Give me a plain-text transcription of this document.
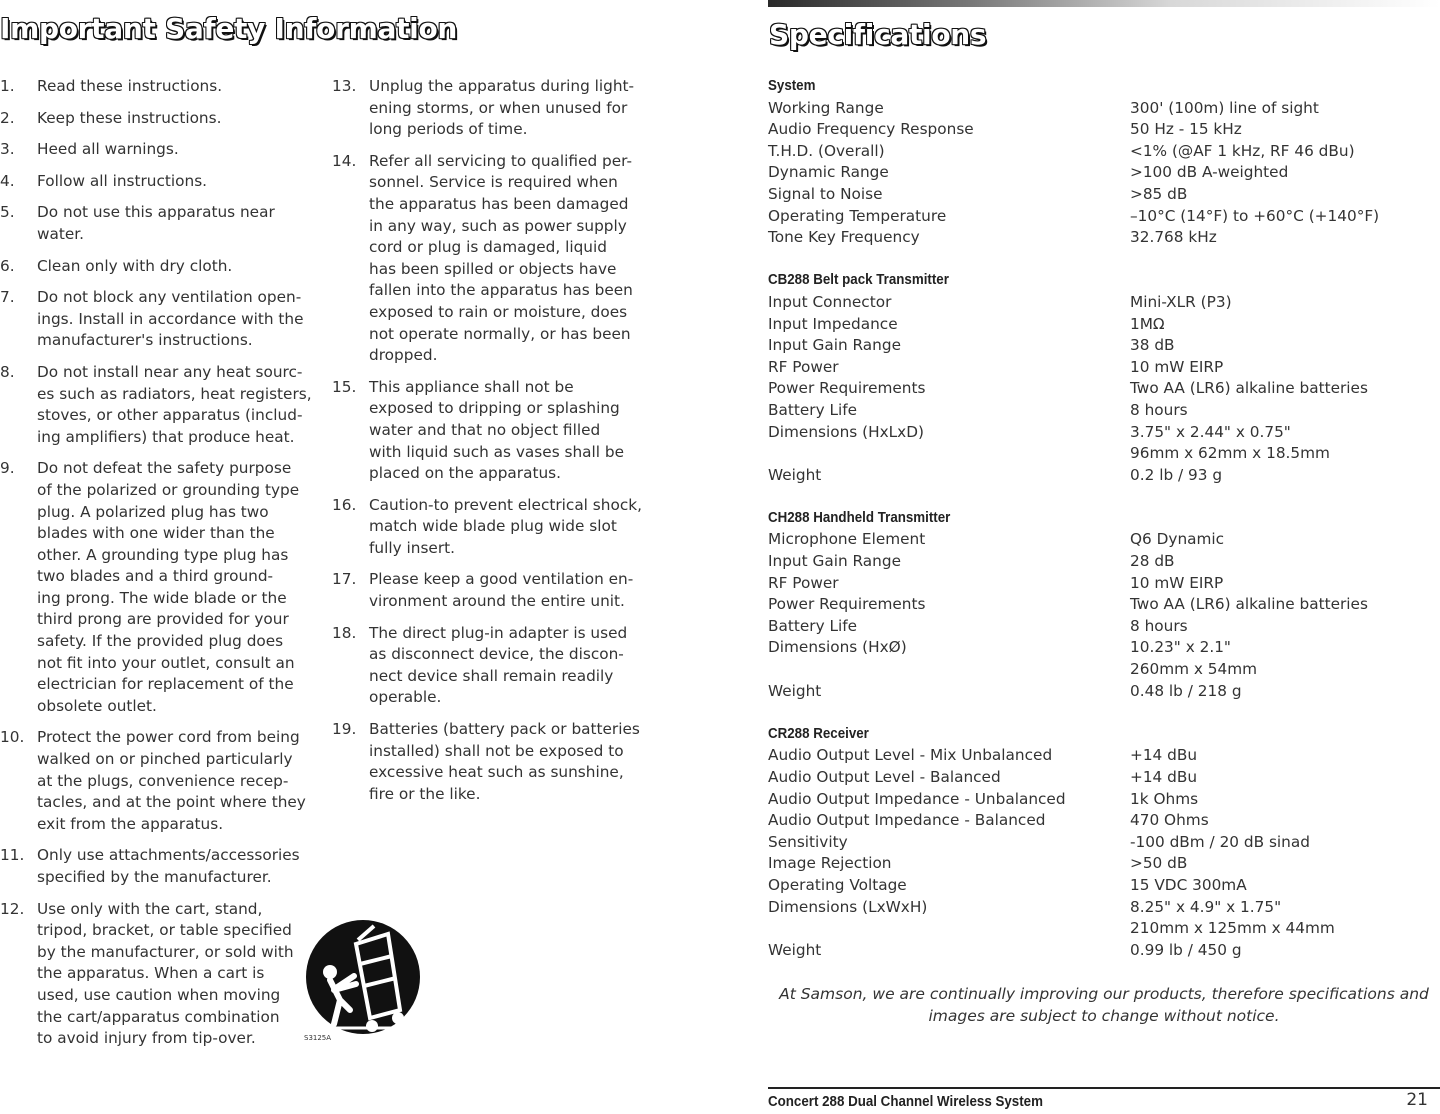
Important Safety Information
1. Read these instructions.
2. Keep these instructions.
3. Heed all warnings.
4. Follow all instructions.
5. Do not use this apparatus near
water.
6. Clean only with dry cloth.
7. Do not block any ventilation open-
ings. Install in accordance with the
manufacturer's instructions.
8. Do not install near any heat sourc-
es such as radiators, heat registers,
stoves, or other apparatus (includ-
ing amplifiers) that produce heat.
9. Do not defeat the safety purpose
of the polarized or grounding type
plug. A polarized plug has two
blades with one wider than the
other. A grounding type plug has
two blades and a third ground-
ing prong. The wide blade or the
third prong are provided for your
safety. If the provided plug does
not fit into your outlet, consult an
electrician for replacement of the
obsolete outlet.
10. Protect the power cord from being
walked on or pinched particularly
at the plugs, convenience recep-
tacles, and at the point where they
exit from the apparatus.
11. Only use attachments/accessories
specified by the manufacturer.
12. Use only with the cart, stand,
tripod, bracket, or table specified
by the manufacturer, or sold with
the apparatus. When a cart is
used, use caution when moving
the cart/apparatus combination
to avoid injury from tip-over.
13. Unplug the apparatus during light-
ening storms, or when unused for
long periods of time.
14. Refer all servicing to qualified per-
sonnel. Service is required when
the apparatus has been damaged
in any way, such as power supply
cord or plug is damaged, liquid
has been spilled or objects have
fallen into the apparatus has been
exposed to rain or moisture, does
not operate normally, or has been
dropped.
15. This appliance shall not be
exposed to dripping or splashing
water and that no object filled
with liquid such as vases shall be
placed on the apparatus.
16. Caution-to prevent electrical shock,
match wide blade plug wide slot
fully insert.
17. Please keep a good ventilation en-
vironment around the entire unit.
18. The direct plug-in adapter is used
as disconnect device, the discon-
nect device shall remain readily
operable.
19. Batteries (battery pack or batteries
installed) shall not be exposed to
excessive heat such as sunshine,
fire or the like.
S3125A
Specifications
System
Working Range	300' (100m) line of sight
Audio Frequency Response	50 Hz - 15 kHz
T.H.D. (Overall)	<1% (@AF 1 kHz, RF 46 dBu)
Dynamic Range	>100 dB A-weighted
Signal to Noise	>85 dB
Operating Temperature	–10°C (14°F) to +60°C (+140°F)
Tone Key Frequency	32.768 kHz
CB288 Belt pack Transmitter
Input Connector	Mini-XLR (P3)
Input Impedance	1MΩ
Input Gain Range	38 dB
RF Power	10 mW EIRP
Power Requirements	Two AA (LR6) alkaline batteries
Battery Life	8 hours
Dimensions (HxLxD)	3.75" x 2.44" x 0.75"
96mm x 62mm x 18.5mm
Weight	0.2 lb / 93 g
CH288 Handheld Transmitter
Microphone Element	Q6 Dynamic
Input Gain Range	28 dB
RF Power	10 mW EIRP
Power Requirements	Two AA (LR6) alkaline batteries
Battery Life	8 hours
Dimensions (HxØ)	10.23" x 2.1"
260mm x 54mm
Weight	0.48 lb / 218 g
CR288 Receiver
Audio Output Level - Mix Unbalanced	+14 dBu
Audio Output Level - Balanced	+14 dBu
Audio Output Impedance - Unbalanced	1k Ohms
Audio Output Impedance - Balanced	470 Ohms
Sensitivity	-100 dBm / 20 dB sinad
Image Rejection	>50 dB
Operating Voltage	15 VDC 300mA
Dimensions (LxWxH)	8.25" x 4.9" x 1.75"
210mm x 125mm x 44mm
Weight	0.99 lb / 450 g
At Samson, we are continually improving our products, therefore specifications and images are subject to change without notice.
Concert 288 Dual Channel Wireless System	21
